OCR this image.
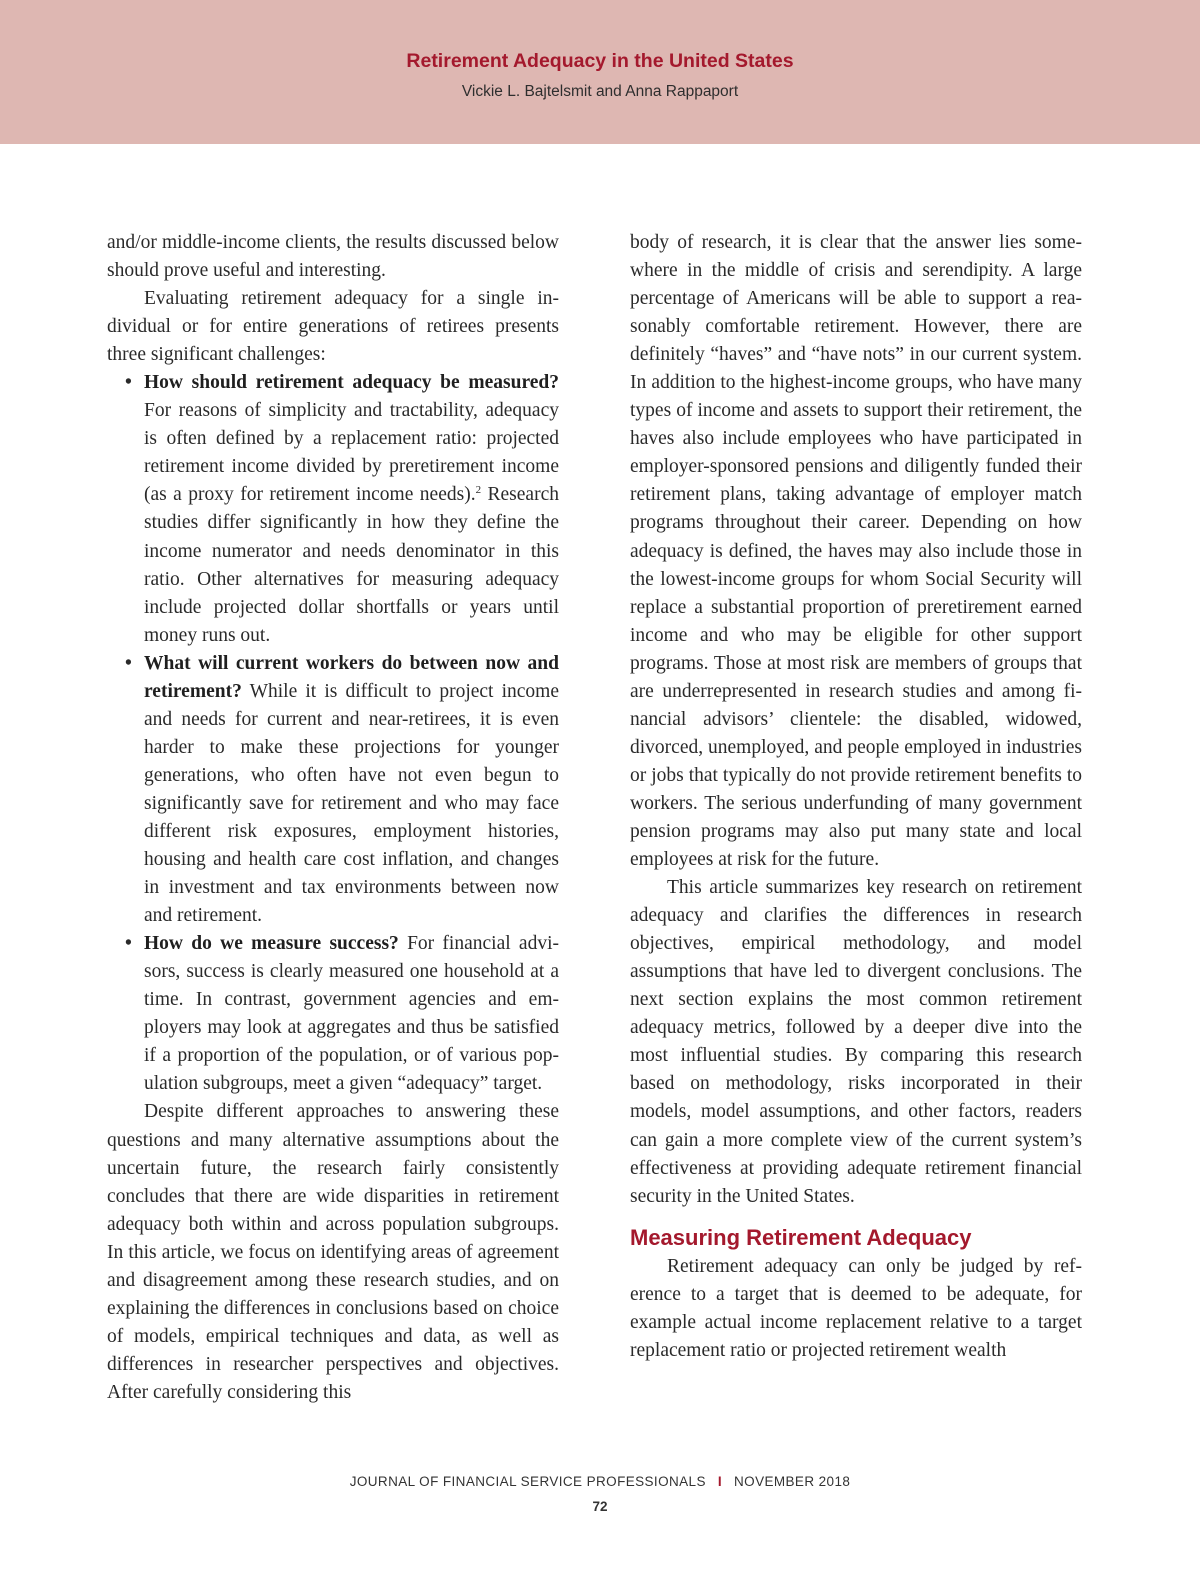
Retirement Adequacy in the United States
Vickie L. Bajtelsmit and Anna Rappaport

and/or middle-income clients, the results discussed below should prove useful and interesting.

Evaluating retirement adequacy for a single individual or for entire generations of retirees presents three significant challenges:

• How should retirement adequacy be measured? For reasons of simplicity and tractability, adequacy is often defined by a replacement ratio: projected retirement income divided by preretirement income (as a proxy for retirement income needs).$^2$ Research studies differ significantly in how they define the income numerator and needs denominator in this ratio. Other alternatives for measuring adequacy include projected dollar shortfalls or years until money runs out.
• What will current workers do between now and retirement? While it is difficult to project income and needs for current and near-retirees, it is even harder to make these projections for younger generations, who often have not even begun to significantly save for retirement and who may face different risk exposures, employment histories, housing and health care cost inflation, and changes in investment and tax environments between now and retirement.
• How do we measure success? For financial advisors, success is clearly measured one household at a time. In contrast, government agencies and employers may look at aggregates and thus be satisfied if a proportion of the population, or of various population subgroups, meet a given “adequacy” target.

Despite different approaches to answering these questions and many alternative assumptions about the uncertain future, the research fairly consistently concludes that there are wide disparities in retirement adequacy both within and across population subgroups. In this article, we focus on identifying areas of agreement and disagreement among these research studies, and on explaining the differences in conclusions based on choice of models, empirical techniques and data, as well as differences in researcher perspectives and objectives. After carefully considering this

body of research, it is clear that the answer lies somewhere in the middle of crisis and serendipity. A large percentage of Americans will be able to support a reasonably comfortable retirement. However, there are definitely “haves” and “have nots” in our current system. In addition to the highest-income groups, who have many types of income and assets to support their retirement, the haves also include employees who have participated in employer-sponsored pensions and diligently funded their retirement plans, taking advantage of employer match programs throughout their career. Depending on how adequacy is defined, the haves may also include those in the lowest-income groups for whom Social Security will replace a substantial proportion of preretirement earned income and who may be eligible for other support programs. Those at most risk are members of groups that are underrepresented in research studies and among financial advisors’ clientele: the disabled, widowed, divorced, unemployed, and people employed in industries or jobs that typically do not provide retirement benefits to workers. The serious underfunding of many government pension programs may also put many state and local employees at risk for the future.

This article summarizes key research on retirement adequacy and clarifies the differences in research objectives, empirical methodology, and model assumptions that have led to divergent conclusions. The next section explains the most common retirement adequacy metrics, followed by a deeper dive into the most influential studies. By comparing this research based on methodology, risks incorporated in their models, model assumptions, and other factors, readers can gain a more complete view of the current system’s effectiveness at providing adequate retirement financial security in the United States.

Measuring Retirement Adequacy

Retirement adequacy can only be judged by reference to a target that is deemed to be adequate, for example actual income replacement relative to a target replacement ratio or projected retirement wealth

JOURNAL OF FINANCIAL SERVICE PROFESSIONALS I NOVEMBER 2018
72
